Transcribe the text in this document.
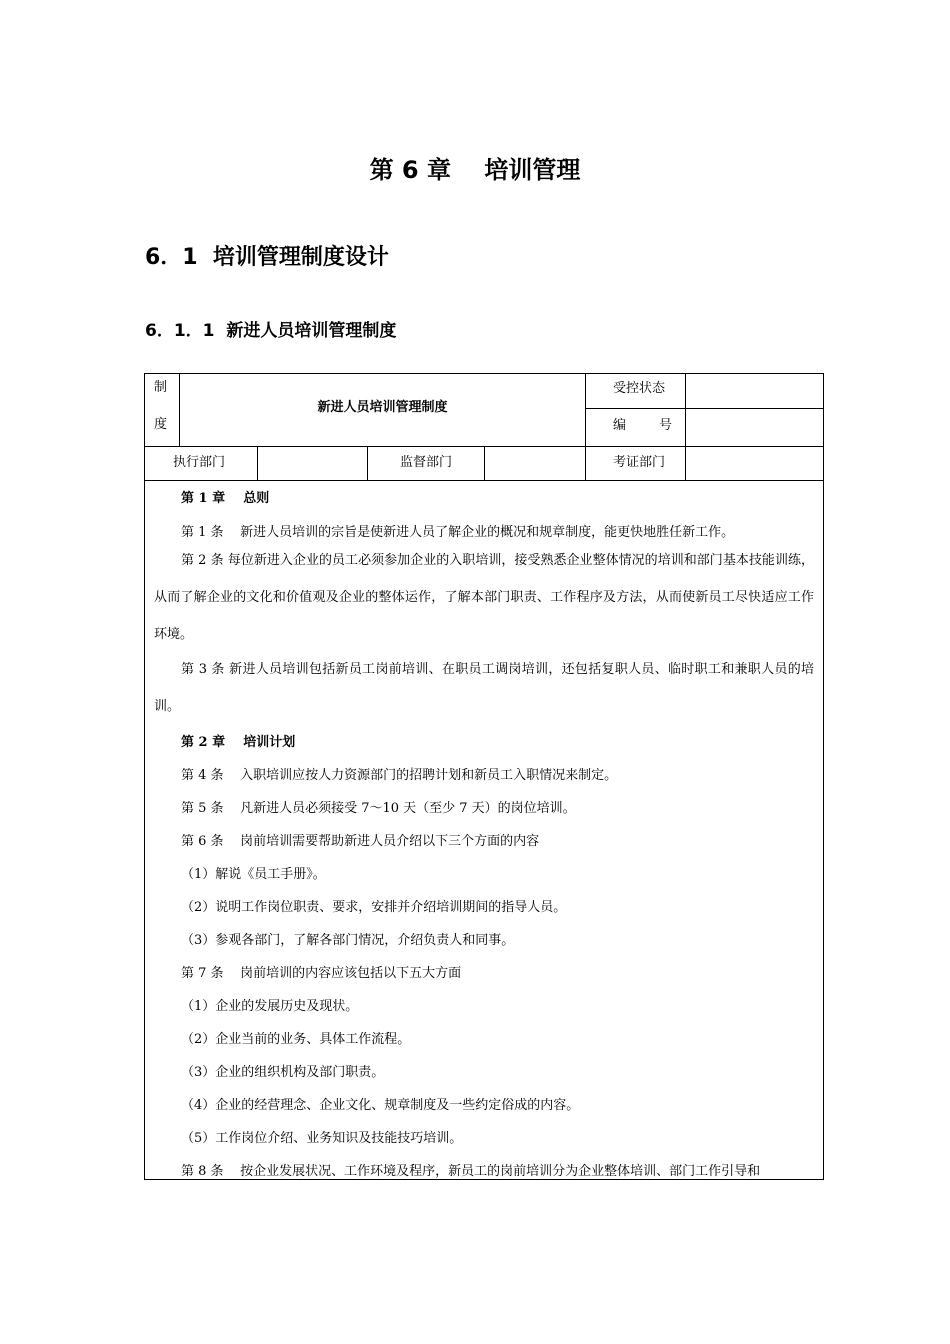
第 6 章    培训管理
6．1  培训管理制度设计
6．1．1  新进人员培训管理制度
制
度
新进人员培训管理制度
受控状态
编        号
执行部门	监督部门	考证部门
第 1 章    总则
第 1 条    新进人员培训的宗旨是使新进人员了解企业的概况和规章制度，能更快地胜任新工作。
第 2 条 每位新进入企业的员工必须参加企业的入职培训，接受熟悉企业整体情况的培训和部门基本技能训练，从而了解企业的文化和价值观及企业的整体运作，了解本部门职责、工作程序及方法，从而使新员工尽快适应工作环境。
第 3 条 新进人员培训包括新员工岗前培训、在职员工调岗培训，还包括复职人员、临时职工和兼职人员的培训。
第 2 章    培训计划
第 4 条    入职培训应按人力资源部门的招聘计划和新员工入职情况来制定。
第 5 条    凡新进人员必须接受 7～10 天（至少 7 天）的岗位培训。
第 6 条    岗前培训需要帮助新进人员介绍以下三个方面的内容
（1）解说《员工手册》。
（2）说明工作岗位职责、要求，安排并介绍培训期间的指导人员。
（3）参观各部门，了解各部门情况，介绍负责人和同事。
第 7 条    岗前培训的内容应该包括以下五大方面
（1）企业的发展历史及现状。
（2）企业当前的业务、具体工作流程。
（3）企业的组织机构及部门职责。
（4）企业的经营理念、企业文化、规章制度及一些约定俗成的内容。
（5）工作岗位介绍、业务知识及技能技巧培训。
第 8 条    按企业发展状况、工作环境及程序，新员工的岗前培训分为企业整体培训、部门工作引导和
